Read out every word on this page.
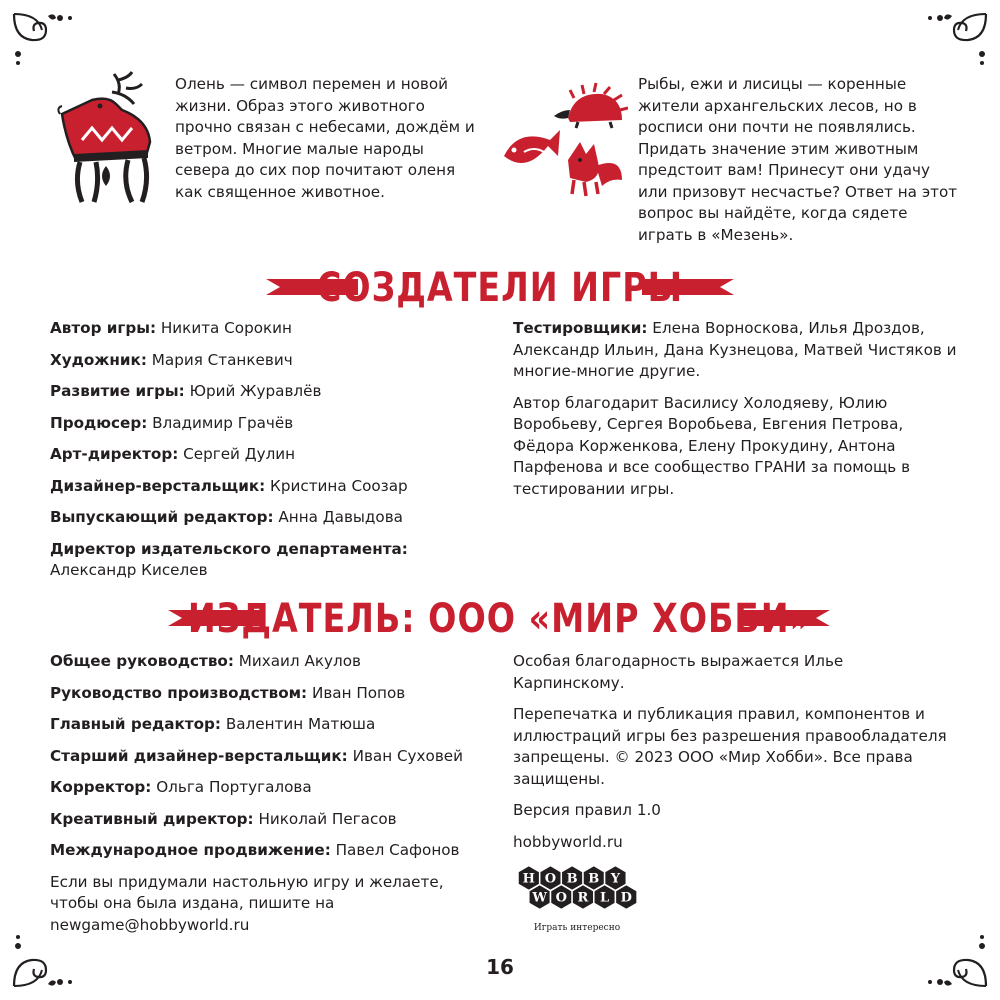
Олень — символ перемен и новой жизни. Образ этого животного прочно связан с небесами, дождём и ветром. Многие малые народы севера до сих пор почитают оленя как священное животное.

Рыбы, ежи и лисицы — коренные жители архангельских лесов, но в росписи они почти не появлялись. Придать значение этим животным предстоит вам! Принесут они удачу или призовут несчастье? Ответ на этот вопрос вы найдёте, когда сядете играть в «Мезень».

СОЗДАТЕЛИ ИГРЫ
Автор игры: Никита Сорокин
Художник: Мария Станкевич
Развитие игры: Юрий Журавлёв
Продюсер: Владимир Грачёв
Арт-директор: Сергей Дулин
Дизайнер-верстальщик: Кристина Соозар
Выпускающий редактор: Анна Давыдова
Директор издательского департамента: Александр Киселев

Тестировщики: Елена Ворноскова, Илья Дроздов, Александр Ильин, Дана Кузнецова, Матвей Чистяков и многие-многие другие.

Автор благодарит Василису Холодяеву, Юлию Воробьеву, Сергея Воробьева, Евгения Петрова, Фёдора Корженкова, Елену Прокудину, Антона Парфенова и все сообщество ГРАНИ за помощь в тестировании игры.

ИЗДАТЕЛЬ: ООО «МИР ХОББИ»
Общее руководство: Михаил Акулов
Руководство производством: Иван Попов
Главный редактор: Валентин Матюша
Старший дизайнер-верстальщик: Иван Суховей
Корректор: Ольга Португалова
Креативный директор: Николай Пегасов
Международное продвижение: Павел Сафонов
Если вы придумали настольную игру и желаете, чтобы она была издана, пишите на newgame@hobbyworld.ru

Особая благодарность выражается Илье Карпинскому.

Перепечатка и публикация правил, компонентов и иллюстраций игры без разрешения правообладателя запрещены. © 2023 ООО «Мир Хобби». Все права защищены.

Версия правил 1.0

hobbyworld.ru

H O B B Y
W O R L D
Играть интересно
16
